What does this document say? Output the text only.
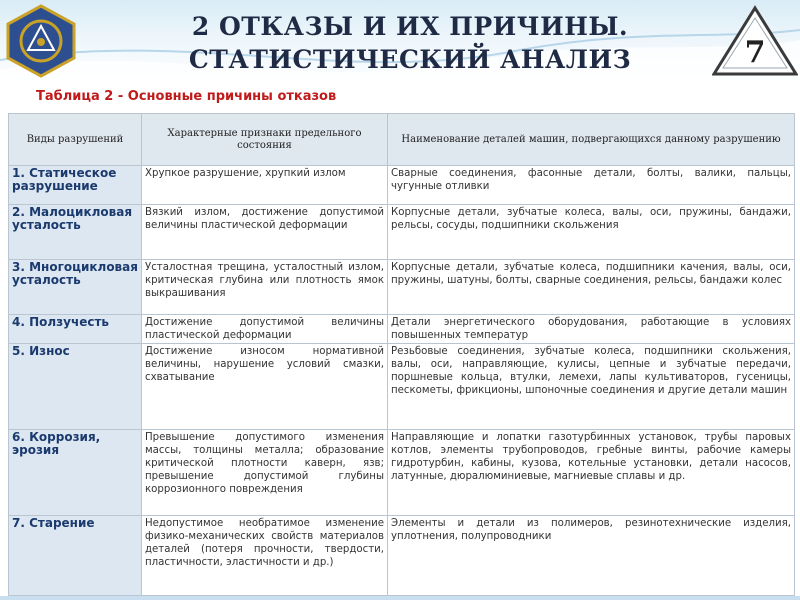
2 ОТКАЗЫ И ИХ ПРИЧИНЫ.
СТАТИСТИЧЕСКИЙ АНАЛИЗ	7
Таблица 2 - Основные причины отказов
Виды разрушений	Характерные признаки предельного состояния	Наименование деталей машин, подвергающихся данному разрушению
1. Статическое разрушение	Хрупкое разрушение, хрупкий излом	Сварные соединения, фасонные детали, болты, валики, пальцы, чугунные отливки
2. Малоцикловая усталость	Вязкий излом, достижение допустимой величины пластической деформации	Корпусные детали, зубчатые колеса, валы, оси, пружины, бандажи, рельсы, сосуды, подшипники скольжения
3. Многоцикловая усталость	Усталостная трещина, усталостный излом, критическая глубина или плотность ямок выкрашивания	Корпусные детали, зубчатые колеса, подшипники качения, валы, оси, пружины, шатуны, болты, сварные соединения, рельсы, бандажи колес
4. Ползучесть	Достижение допустимой величины пластической деформации	Детали энергетического оборудования, работающие в условиях повышенных температур
5. Износ	Достижение износом нормативной величины, нарушение условий смазки, схватывание	Резьбовые соединения, зубчатые колеса, подшипники скольжения, валы, оси, направляющие, кулисы, цепные и зубчатые передачи, поршневые кольца, втулки, лемехи, лапы культиваторов, гусеницы, пескометы, фрикционы, шпоночные соединения и другие детали машин
6. Коррозия, эрозия	Превышение допустимого изменения массы, толщины металла; образование критической плотности каверн, язв; превышение допустимой глубины коррозионного повреждения	Направляющие и лопатки газотурбинных установок, трубы паровых котлов, элементы трубопроводов, гребные винты, рабочие камеры гидротурбин, кабины, кузова, котельные установки, детали насосов, латунные, дюралюминиевые, магниевые сплавы и др.
7. Старение	Недопустимое необратимое изменение физико-механических свойств материалов деталей (потеря прочности, твердости, пластичности, эластичности и др.)	Элементы и детали из полимеров, резинотехнические изделия, уплотнения, полупроводники
